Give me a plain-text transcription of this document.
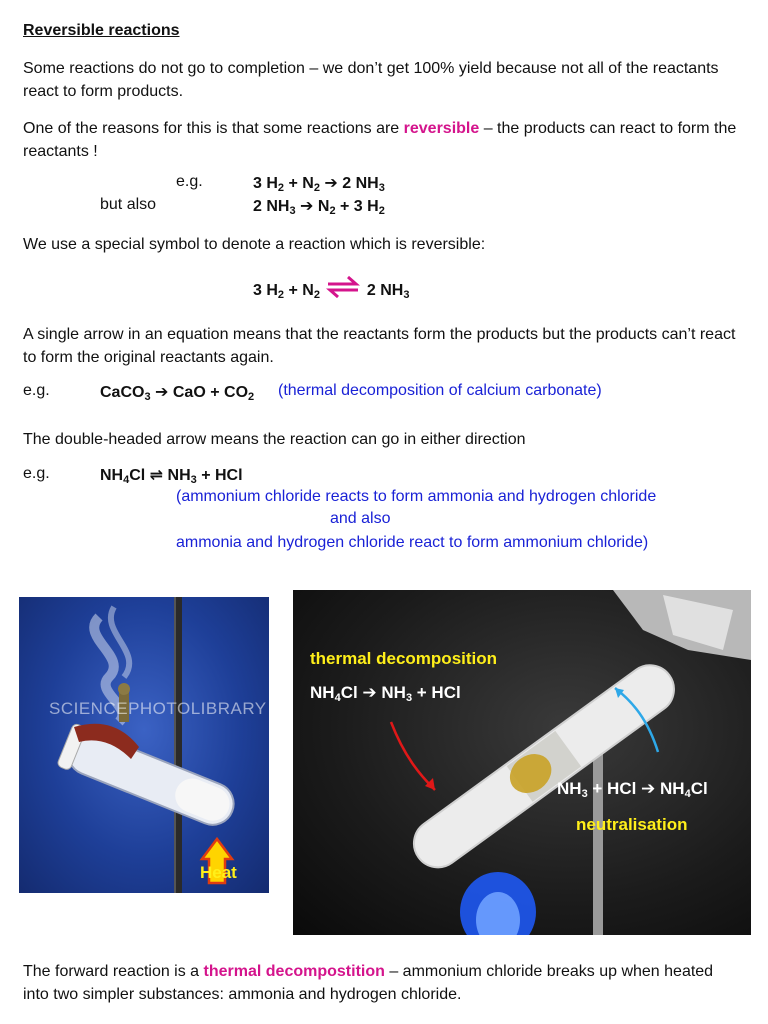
Reversible reactions
Some reactions do not go to completion – we don’t get 100% yield because not all of the reactants react to form products.
One of the reasons for this is that some reactions are reversible – the products can react to form the reactants !
e.g.	3 $H_2 + N_2$ ➔ 2 $NH_3$
but also	2 $NH_3$ ➔ $N_2 + 3$ $H_2$
We use a special symbol to denote a reaction which is reversible:
3 $H_2 + N_2$ ⇌ 2 $NH_3$
A single arrow in an equation means that the reactants form the products but the products can’t react to form the original reactants again.
e.g.	CaCO$_3$ ➔ CaO + $CO_2$ (thermal decomposition of calcium carbonate)
The double-headed arrow means the reaction can go in either direction
e.g.	$NH_4Cl$ ⇌ $NH_3$ + HCl
(ammonium chloride reacts to form ammonia and hydrogen chloride
and also
ammonia and hydrogen chloride react to form ammonium chloride)
SCIENCEPHOTOLIBRARY
Heat
thermal decomposition
$NH_4Cl$ ➔ $NH_3$ + HCl
$NH_3$ + HCl ➔ $NH_4Cl$
neutralisation
The forward reaction is a thermal decompostition – ammonium chloride breaks up when heated into two simpler substances: ammonia and hydrogen chloride.
